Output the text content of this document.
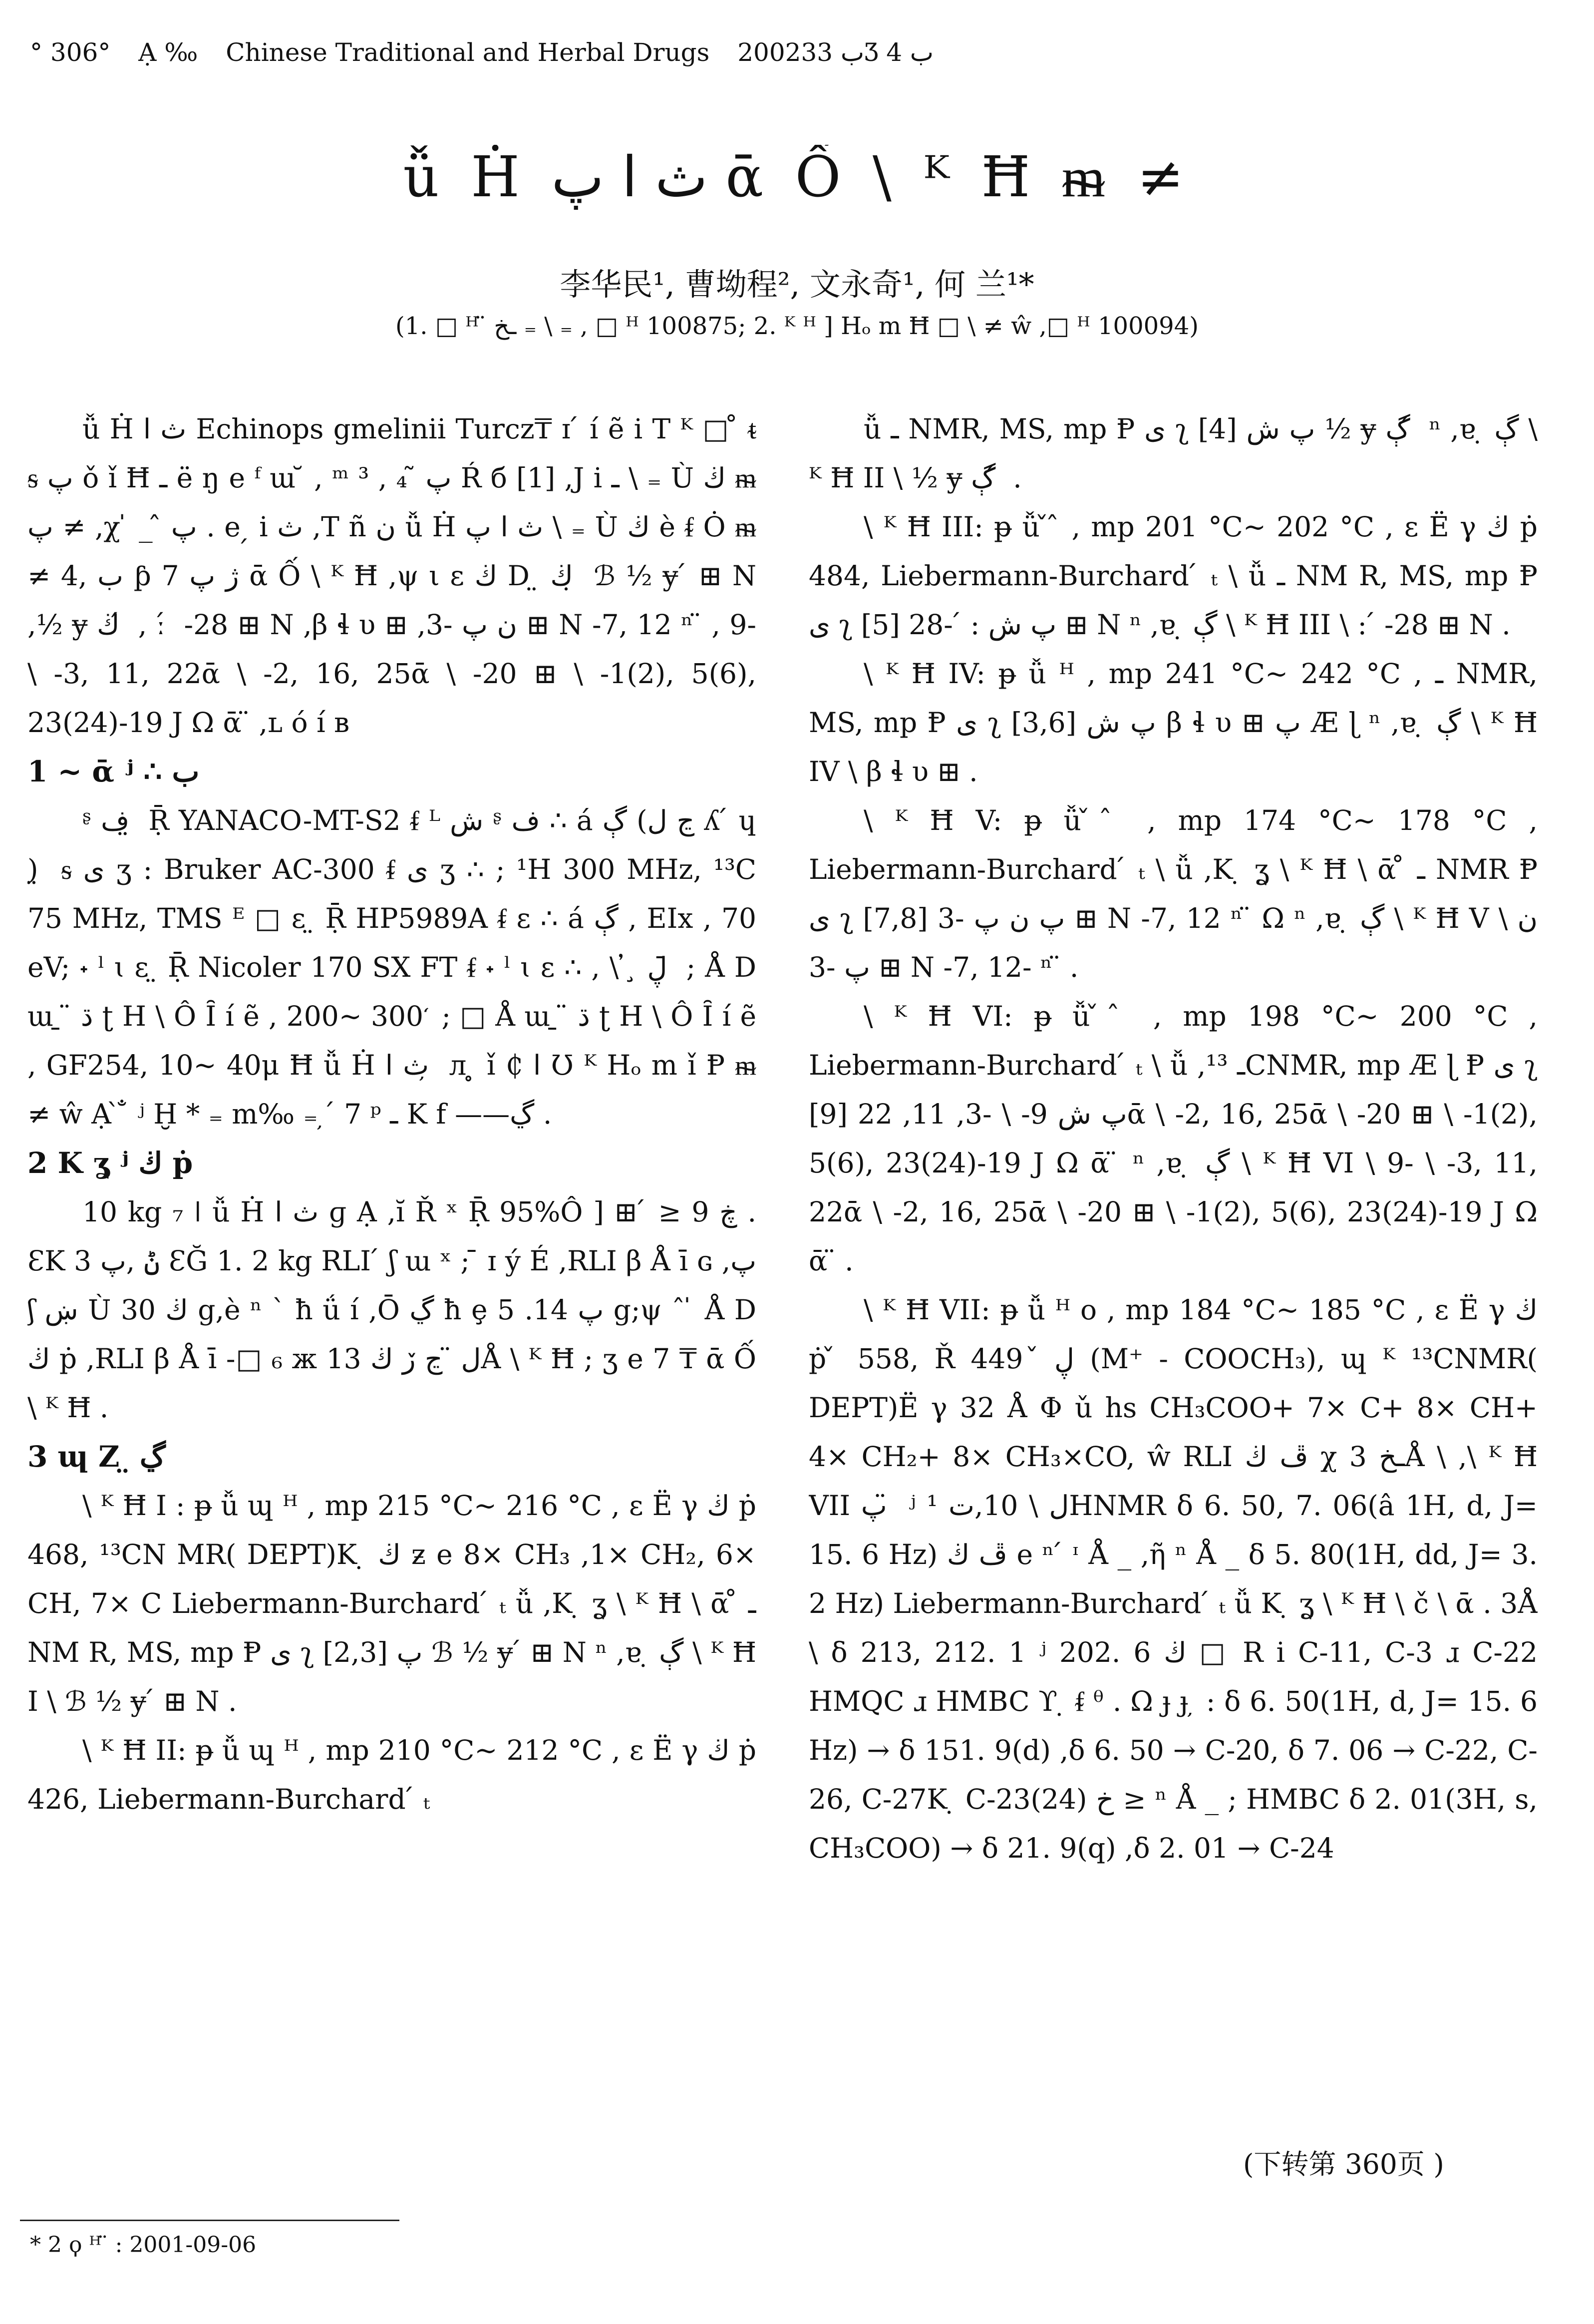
° 306° Ạ ‰ Chinese Traditional and Herbal Drugs 2002ب 33Ʒ ب 4
ǚ Ḣ ث ا پ ᾱ Ố \ ᴷ Ħ ᵯ ≠
李华民¹, 曹坳程², 文永奇¹, 何 兰¹*
(1. □ ᵸ ̈ ـخ ₌ \ ₌ , □ ᵸ 100875; 2. ᴷ ᴴ ] Hₒ m Ħ □ \ ≠ ŵ ,□ ᵸ 100094)

ǚ Ḣ ث ا Echinops gmelinii Turcz₸ ɪ ́ í ẽ i T ᴷ □ ̊ ᵵ ᵴ پ ǒ ǐ Ħ ـ ë ŋ e ᶠ ɯ ̆ , ᵐ ³ , ₄ ̃ پ Ŕ б [1] ,J i ـ \ ₌ Ù ڬ ᵯ پ ≠ ,χ ̍ _ ̂ پ . e ̗ i ث ,T ñ ن ǚ Ḣ ث ا پ \ ₌ Ù ڬ è ᵮ Ȯ ᵯ ≠ ب ,4 ƥ 7 ژ پ ᾱ Ố \ ᴷ Ħ ,ψ ι ɛ ڬ D ̤ ڬ ̣ ℬ ½ ɏ ́ ⊞ N ,½ ɏ ڬ ́ , ː ́ -28 ⊞ N ,β ɬ υ ⊞ ,ن پ -3 ⊞ N -7, 12 ⁿ ̈ , 9- \ -3, 11, 22ᾱ \ -2, 16, 25ᾱ \ -20 ⊞ \ -1(2), 5(6), 23(24)-19 J Ω ᾱ ̈ ,ʟ ó í ʙ

1 ~ ᾱ ʲ ∴ ب

ᶳ ف ̤ Ṝ YANACO-MT-S2 ᵮ ᴸ ش ᶳ ف ∴ á ڳ (ڃ ل ʎ ́ ɥ ) ̤ ᵴ ى ʒ : Bruker AC-300 ᵮ ى ʒ ∴ ; ¹H 300 MHz, ¹³C 75 MHz, TMS ᴱ □ ɛ ̤ Ṝ HP5989A ᵮ ɛ ∴ á ڳ , EIx , 70 eV; ˖ ˡ ɩ ɛ ̤ Ṝ Nicoler 170 SX FT ᵮ ˖ ˡ ɩ ɛ ∴ , \ ̓ ̧ ڸ ̄ ; Å D ɯ ̱ ̈ ڌ ʈ H \ Ô Ȋ í ẽ , 200~ 300 ̒ ; □ Å ɯ ̱ ̈ ڌ ʈ H \ Ô Ȋ í ẽ , GF254, 10~ 40μ Ħ ǚ Ḣ ث ا ̦ л ̥ ǐ ₵ ا Ʊ ᴷ Hₒ m ǐ Ᵽ ᵯ ≠ ŵ Ạ ̀ ̐ ʲ Ḫ * ₌ m‰ ₌ ̦ ́ 7 ᵖ ـ K f ——ڲ .

2 K ʓ ʲ ڬ ṗ

10 kg ₇ ǀ ǚ Ḣ ث ا ɡ Ạ ,ĭ Ř ˣ Ṝ 95%Ô ] ⊞ ́ ≥ 9 ڿ . ƐK 3 ݨ ,پ ƐĞ 1. 2 kg RLI ́ ʃ ɯ ˣ ; ̄ ɪ ý É ,RLI β Å ī ɢ ,پ ʃ ښ Ù ڬ 30 g,è ⁿ ` ħ ǘ í ,Ō ڲ ħ ȩ پ 14. 5 g;ψ ˆ ̍ Å D ڬ ṗ ,RLI β Å ī -□ ₆ ж ل ̈ ڃ ڒ ڬ 13Å \ ᴷ Ħ ; ʒ e 7 ₸ ᾱ Ố \ ᴷ Ħ .

3 ɰ Z ̤ ڲ

\ ᴷ Ħ I : ᵽ ǚ ɰ ᵸ , mp 215 °C~ 216 °C , ɛ Ë γ ڬ ṗ 468, ¹³CN MR( DEPT)K ̣ ڬ ƶ e 8× CH₃ ,1× CH₂, 6× CH, 7× C Liebermann-Burchard ́ ₜ ǚ ,K ̣ ʓ \ ᴷ Ħ \ ᾱ ̊ ـ NM R, MS, mp Ᵽ ى ʅ [2,3] پ ℬ ½ ɏ ́ ⊞ N ⁿ ,ɐ ̣ ڳ \ ᴷ Ħ I \ ℬ ½ ɏ ́ ⊞ N .

\ ᴷ Ħ II: ᵽ ǚ ɰ ᵸ , mp 210 °C~ 212 °C , ɛ Ë γ ڬ ṗ 426, Liebermann-Burchard ́ ₜ

ǚ ـ NMR, MS, mp Ᵽ ى ʅ [4] پ ش ½ ɏ ڳ ́ ⁿ ,ɐ ̣ ڳ \ ᴷ Ħ II \ ½ ɏ ڳ ́ .

\ ᴷ Ħ III: ᵽ ǚ ̌ ̂ , mp 201 °C~ 202 °C , ɛ Ë γ ڬ ṗ 484, Liebermann-Burchard ́ ₜ \ ǚ ـ NM R, MS, mp Ᵽ ى ʅ [5] پ ش : ́ -28 ⊞ N ⁿ ,ɐ ̣ ڳ \ ᴷ Ħ III \ : ́ -28 ⊞ N .

\ ᴷ Ħ IV: ᵽ ǚ ᵸ , mp 241 °C~ 242 °C , ـ NMR, MS, mp Ᵽ ى ʅ [3,6] پ ش β ɬ υ ⊞ پ Æ ɭ ⁿ ,ɐ ̣ ڳ \ ᴷ Ħ IV \ β ɬ υ ⊞ .

\ ᴷ Ħ V: ᵽ ǚ ̌ ̂ , mp 174 °C~ 178 °C , Liebermann-Burchard ́ ₜ \ ǚ ,K ̣ ʓ \ ᴷ Ħ \ ᾱ ̊ ـ NMR Ᵽ ى ʅ [7,8] پ ن پ -3 ⊞ N -7, 12 ⁿ ̈ Ω ⁿ ,ɐ ̣ ڳ \ ᴷ Ħ V \ ن پ -3 ⊞ N -7, 12- ⁿ ̈ .

\ ᴷ Ħ VI: ᵽ ǚ ̌ ̂ , mp 198 °C~ 200 °C , Liebermann-Burchard ́ ₜ \ ǚ ,ـ ¹³CNMR, mp Æ ɭ Ᵽ ى ʅ [9] پ ش 9- \ -3, 11, 22ᾱ \ -2, 16, 25ᾱ \ -20 ⊞ \ -1(2), 5(6), 23(24)-19 J Ω ᾱ ̈ ⁿ ,ɐ ̣ ڳ \ ᴷ Ħ VI \ 9- \ -3, 11, 22ᾱ \ -2, 16, 25ᾱ \ -20 ⊞ \ -1(2), 5(6), 23(24)-19 J Ω ᾱ ̈ .

\ ᴷ Ħ VII: ᵽ ǚ ᵸ o , mp 184 °C~ 185 °C , ɛ Ë γ ڬ ṗ ̌ 558, Ř ڸ ̌ 449 (M⁺ - COOCH₃), ɰ ᴷ ¹³CNMR( DEPT)Ë γ 32 Å Φ ǔ hs CH₃COO+ 7× C+ 8× CH+ 4× CH₂+ 8× CH₃×CO, ŵ RLI ڦ ڬ χ ـخ 3Å \ ,\ ᴷ Ħ VII پ ̈ ʲ ل \ 10,ت ¹HNMR δ 6. 50, 7. 06(â 1H, d, J= 15. 6 Hz) ڦ ڬ e ⁿ ́ ᶦ Å _ ,ῆ ⁿ Å _ δ 5. 80(1H, dd, J= 3. 2 Hz) Liebermann-Burchard ́ ₜ ǚ K ̣ ʓ \ ᴷ Ħ \ č \ ᾱ . 3Å \ δ 213, 212. 1 ʲ 202. 6 ڬ □ R i C-11, C-3 ɹ C-22 HMQC ɹ HMBC ϒ ̣ ᵮ ᶿ . Ω ɟ ɟ ̦ : δ 6. 50(1H, d, J= 15. 6 Hz) → δ 151. 9(d) ,δ 6. 50 → C-20, δ 7. 06 → C-22, C-26, C-27K ̣ C-23(24) خ ≥ ⁿ Å _ ; HMBC δ 2. 01(3H, s, CH₃COO) → δ 21. 9(q) ,δ 2. 01 → C-24

(下转第 360页 )
* 2 ϙ ᴴ ̈ : 2001-09-06
